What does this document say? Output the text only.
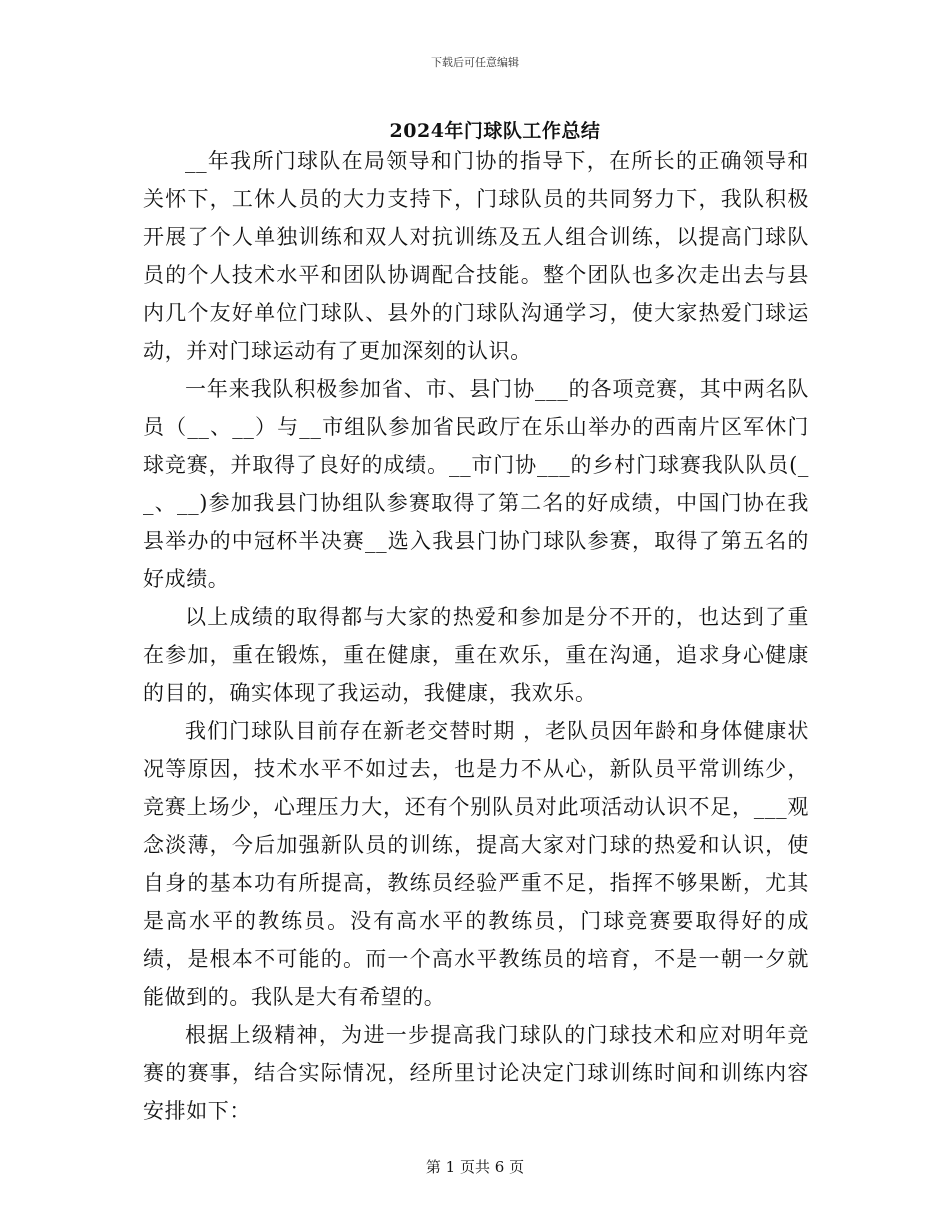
下载后可任意编辑
2024年门球队工作总结

__年我所门球队在局领导和门协的指导下，在所长的正确领导和关怀下，工休人员的大力支持下，门球队员的共同努力下，我队积极开展了个人单独训练和双人对抗训练及五人组合训练，以提高门球队员的个人技术水平和团队协调配合技能。整个团队也多次走出去与县内几个友好单位门球队、县外的门球队沟通学习，使大家热爱门球运动，并对门球运动有了更加深刻的认识。

一年来我队积极参加省、市、县门协___的各项竞赛，其中两名队员（__、__）与__市组队参加省民政厅在乐山举办的西南片区军休门球竞赛，并取得了良好的成绩。__市门协___的乡村门球赛我队队员(__、__)参加我县门协组队参赛取得了第二名的好成绩，中国门协在我县举办的中冠杯半决赛__选入我县门协门球队参赛，取得了第五名的好成绩。

以上成绩的取得都与大家的热爱和参加是分不开的，也达到了重在参加，重在锻炼，重在健康，重在欢乐，重在沟通，追求身心健康的目的，确实体现了我运动，我健康，我欢乐。

我们门球队目前存在新老交替时期 ，老队员因年龄和身体健康状况等原因，技术水平不如过去，也是力不从心，新队员平常训练少，竞赛上场少，心理压力大，还有个别队员对此项活动认识不足，___观念淡薄，今后加强新队员的训练，提高大家对门球的热爱和认识，使自身的基本功有所提高，教练员经验严重不足，指挥不够果断，尤其是高水平的教练员。没有高水平的教练员，门球竞赛要取得好的成绩，是根本不可能的。而一个高水平教练员的培育，不是一朝一夕就能做到的。我队是大有希望的。

根据上级精神，为进一步提高我门球队的门球技术和应对明年竞赛的赛事，结合实际情况，经所里讨论决定门球训练时间和训练内容安排如下：

第 1 页共 6 页
